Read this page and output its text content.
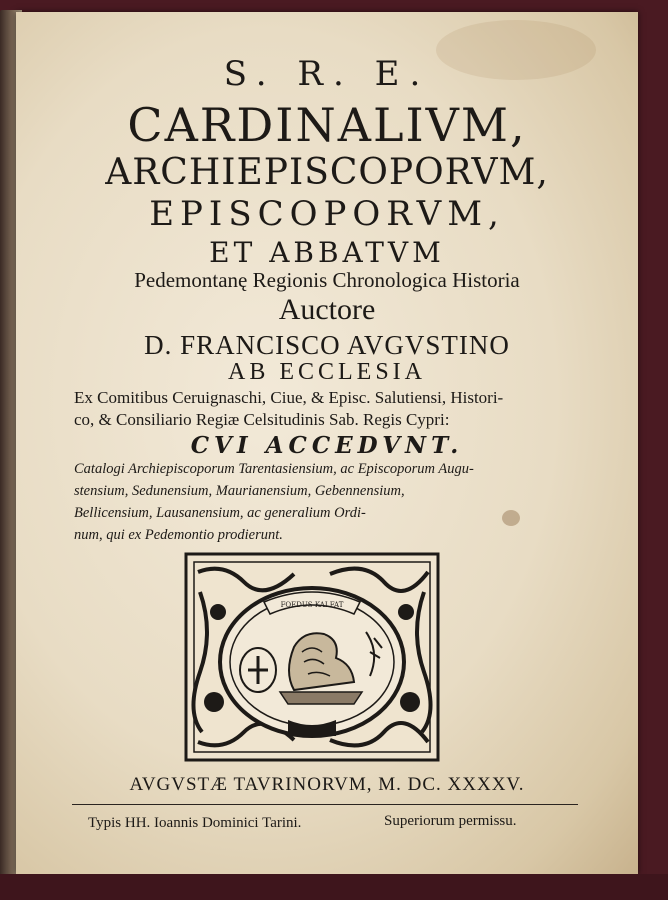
S. R. E.
CARDINALIVM,
ARCHIEPISCOPORVM,
EPISCOPORVM,
ET ABBATVM
Pedemontanę Regionis Chronologica Historia
Auctore
D. FRANCISCO AVGVSTINO
AB ECCLESIA
Ex Comitibus Ceruignaschi, Ciue, & Episc. Salutiensi, Histori-
co, & Consiliario Regiæ Celsitudinis Sab. Regis Cypri:
CVI ACCEDVNT.
Catalogi Archiepiscoporum Tarentasiensium, ac Episcoporum Augu-
stensium, Sedunensium, Maurianensium, Gebennensium,
Bellicensium, Lausanensium, ac generalium Ordi-
num, qui ex Pedemontio prodierunt.
FOEDUS KAI FAT
AVGVSTÆ TAVRINORVM, M. DC. XXXXV.
Typis HH. Ioannis Dominici Tarini.	Superiorum permissu.
